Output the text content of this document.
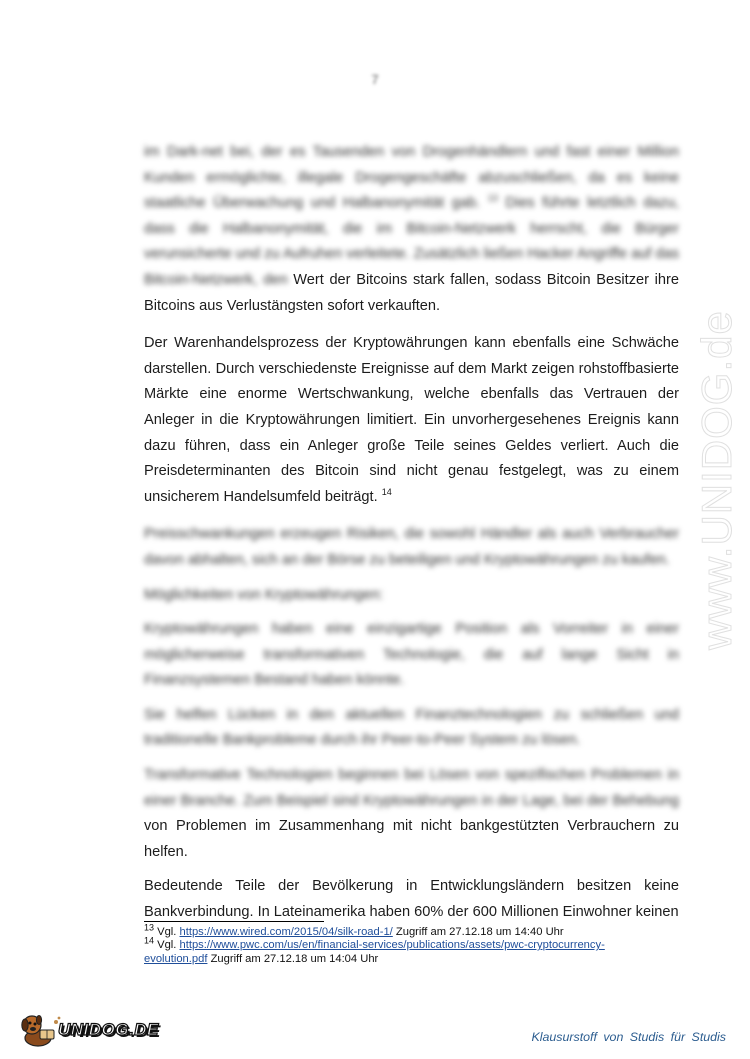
7
www.UNIDOG.de

im Dark-net bei, der es Tausenden von Drogenhändlern und fast einer Million Kunden ermöglichte, illegale Drogengeschäfte abzuschließen, da es keine staatliche Überwachung und Halbanonymität gab. $^{13}$ Dies führte letztlich dazu, dass die Halbanonymität, die im Bitcoin-Netzwerk herrscht, die Bürger verunsicherte und zu Aufruhen verleitete. Zusätzlich ließen Hacker Angriffe auf das Bitcoin-Netzwerk, den Wert der Bitcoins stark fallen, sodass Bitcoin Besitzer ihre Bitcoins aus Verlustängsten sofort verkauften.

Der Warenhandelsprozess der Kryptowährungen kann ebenfalls eine Schwäche darstellen. Durch verschiedenste Ereignisse auf dem Markt zeigen rohstoffbasierte Märkte eine enorme Wertschwankung, welche ebenfalls das Vertrauen der Anleger in die Kryptowährungen limitiert. Ein unvorhergesehenes Ereignis kann dazu führen, dass ein Anleger große Teile seines Geldes verliert. Auch die Preisdeterminanten des Bitcoin sind nicht genau festgelegt, was zu einem unsicherem Handelsumfeld beiträgt. $^{14}$

Preisschwankungen erzeugen Risiken, die sowohl Händler als auch Verbraucher davon abhalten, sich an der Börse zu beteiligen und Kryptowährungen zu kaufen.

Möglichkeiten von Kryptowährungen:

Kryptowährungen haben eine einzigartige Position als Vorreiter in einer möglicherweise transformativen Technologie, die auf lange Sicht in Finanzsystemen Bestand haben könnte.

Sie helfen Lücken in den aktuellen Finanztechnologien zu schließen und traditionelle Bankprobleme durch ihr Peer-to-Peer System zu lösen.

Transformative Technologien beginnen bei Lösen von spezifischen Problemen in einer Branche. Zum Beispiel sind Kryptowährungen in der Lage, bei der Behebung von Problemen im Zusammenhang mit nicht bankgestützten Verbrauchern zu helfen.

Bedeutende Teile der Bevölkerung in Entwicklungsländern besitzen keine Bankverbindung. In Lateinamerika haben 60% der 600 Millionen Einwohner keinen

$^{13}$ Vgl. https://www.wired.com/2015/04/silk-road-1/ Zugriff am 27.12.18 um 14:40 Uhr

$^{14}$ Vgl. https://www.pwc.com/us/en/financial-services/publications/assets/pwc-cryptocurrency-
evolution.pdf Zugriff am 27.12.18 um 14:04 Uhr

UNIDOG.DE	Klausurstoff von Studis für Studis
